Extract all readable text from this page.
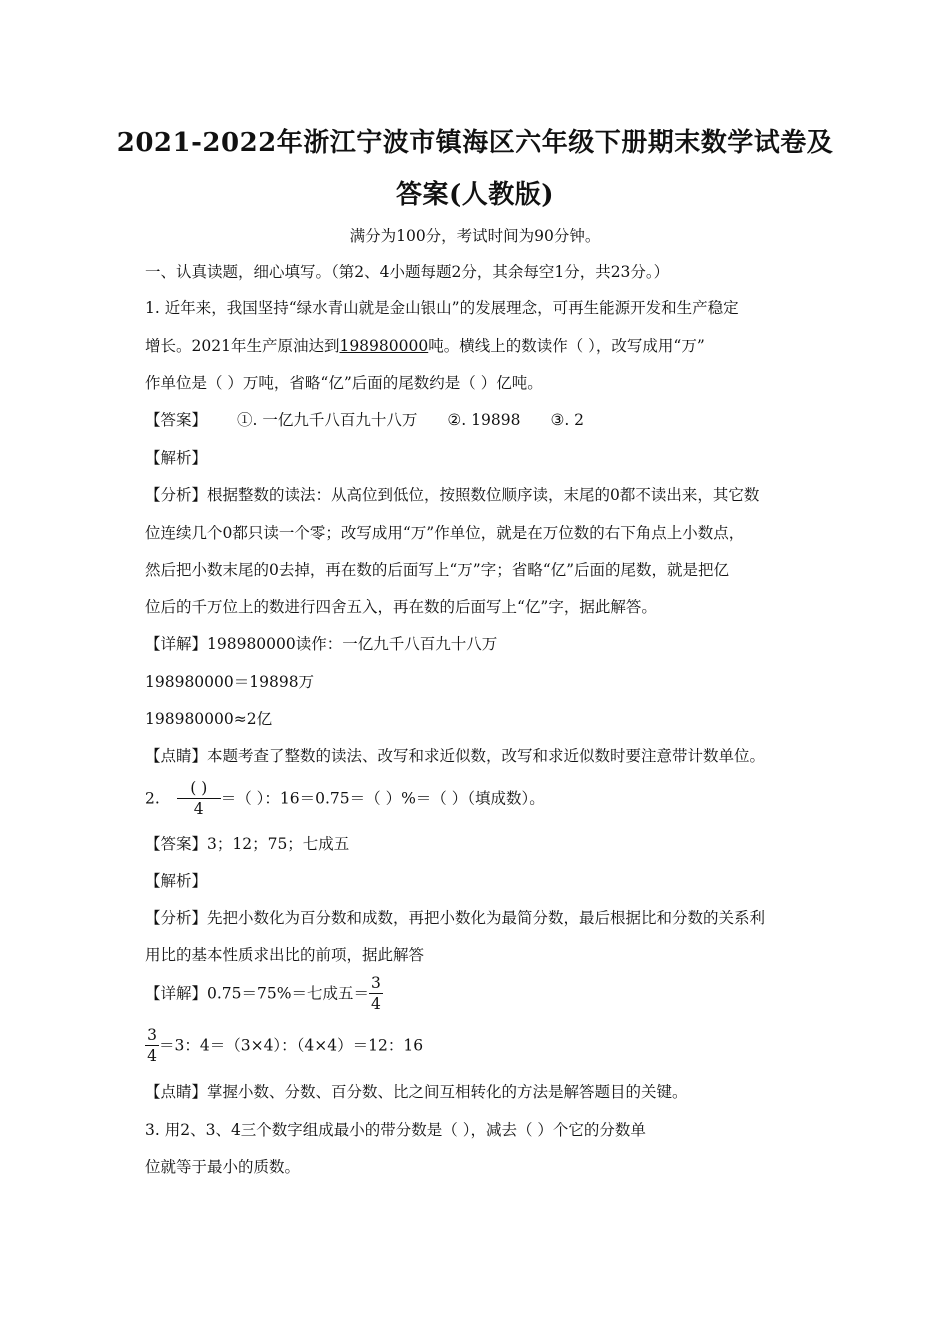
2021-2022年浙江宁波市镇海区六年级下册期末数学试卷及
答案(人教版)
满分为100分，考试时间为90分钟。
一、认真读题，细心填写。（第2、4小题每题2分，其余每空1分，共23分。）
1. 近年来，我国坚持“绿水青山就是金山银山”的发展理念，可再生能源开发和生产稳定
增长。2021年生产原油达到198980000吨。横线上的数读作（ ），改写成用“万”
作单位是（ ）万吨，省略“亿”后面的尾数约是（ ）亿吨。
【答案】 ①. 一亿九千八百九十八万 ②. 19898 ③. 2
【解析】
【分析】根据整数的读法：从高位到低位，按照数位顺序读，末尾的0都不读出来，其它数
位连续几个0都只读一个零；改写成用“万”作单位，就是在万位数的右下角点上小数点，
然后把小数末尾的0去掉，再在数的后面写上“万”字；省略“亿”后面的尾数，就是把亿
位后的千万位上的数进行四舍五入，再在数的后面写上“亿”字，据此解答。
【详解】198980000读作：一亿九千八百九十八万
198980000＝19898万
198980000≈2亿
【点睛】本题考查了整数的读法、改写和求近似数，改写和求近似数时要注意带计数单位。
2. $\frac{( )}{4}$ ＝（ ）：16＝0.75＝（ ）%＝（ ）（填成数）。
【答案】3；12；75；七成五
【解析】
【分析】先把小数化为百分数和成数，再把小数化为最简分数，最后根据比和分数的关系利
用比的基本性质求出比的前项，据此解答
【详解】0.75＝75%＝七成五＝ $\frac{3}{4}$
$\frac{3}{4} =3$：4＝（3×4）：（4×4）＝12：16
【点睛】掌握小数、分数、百分数、比之间互相转化的方法是解答题目的关键。
3. 用2、3、4三个数字组成最小的带分数是（ ），减去（ ）个它的分数单
位就等于最小的质数。
